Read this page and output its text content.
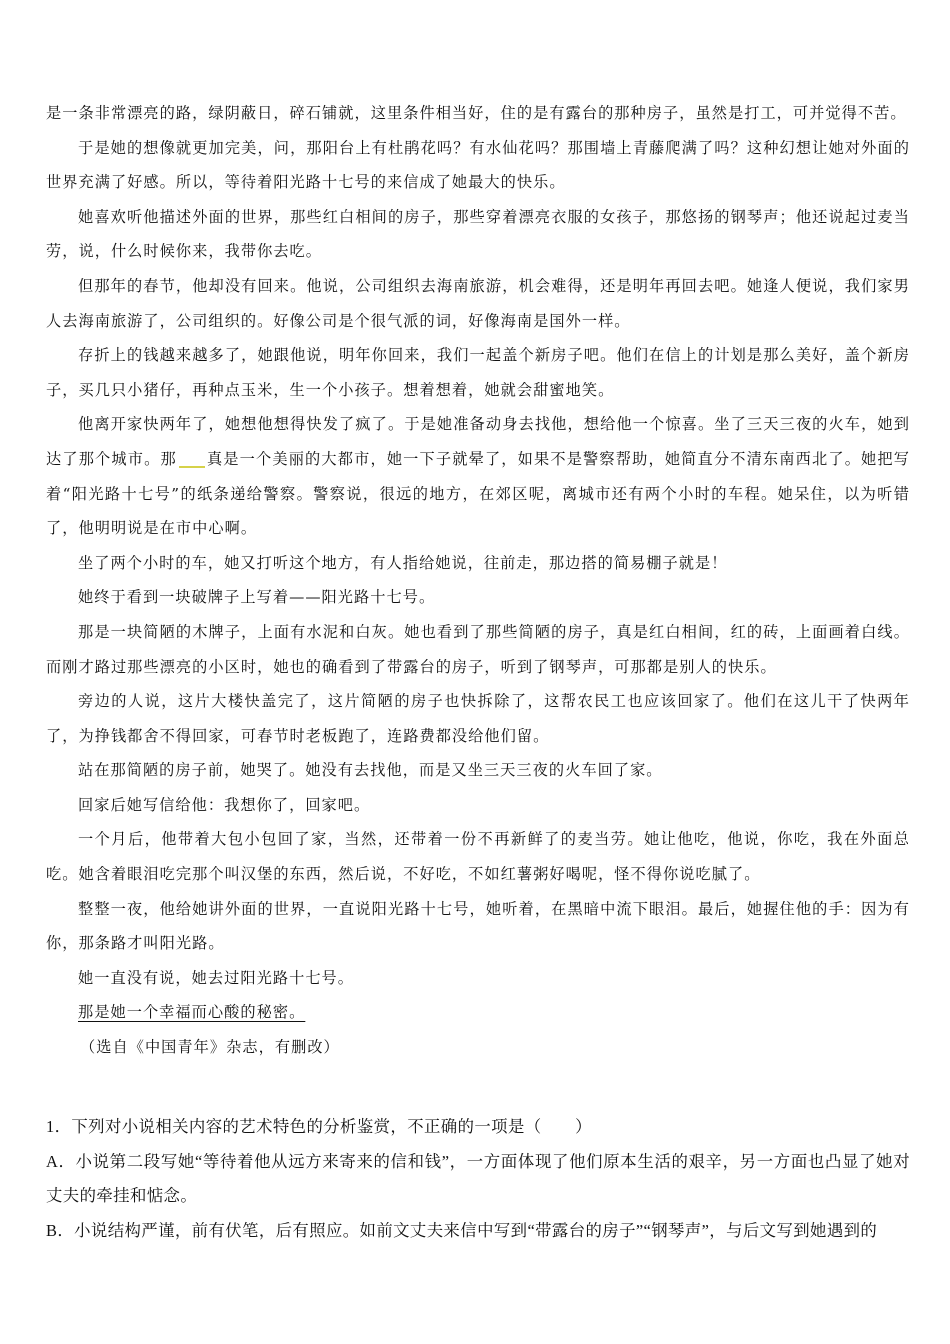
是一条非常漂亮的路，绿阴蔽日，碎石铺就，这里条件相当好，住的是有露台的那种房子，虽然是打工，可并觉得不苦。

于是她的想像就更加完美，问，那阳台上有杜鹃花吗？有水仙花吗？那围墙上青藤爬满了吗？这种幻想让她对外面的世界充满了好感。所以，等待着阳光路十七号的来信成了她最大的快乐。

她喜欢听他描述外面的世界，那些红白相间的房子，那些穿着漂亮衣服的女孩子，那悠扬的钢琴声；他还说起过麦当劳，说，什么时候你来，我带你去吃。

但那年的春节，他却没有回来。他说，公司组织去海南旅游，机会难得，还是明年再回去吧。她逢人便说，我们家男人去海南旅游了，公司组织的。好像公司是个很气派的词，好像海南是国外一样。

存折上的钱越来越多了，她跟他说，明年你回来，我们一起盖个新房子吧。他们在信上的计划是那么美好，盖个新房子，买几只小猪仔，再种点玉米，生一个小孩子。想着想着，她就会甜蜜地笑。

他离开家快两年了，她想他想得快发了疯了。于是她准备动身去找他，想给他一个惊喜。坐了三天三夜的火车，她到达了那个城市。那 真是一个美丽的大都市，她一下子就晕了，如果不是警察帮助，她简直分不清东南西北了。她把写着“阳光路十七号”的纸条递给警察。警察说，很远的地方，在郊区呢，离城市还有两个小时的车程。她呆住，以为听错了，他明明说是在市中心啊。

坐了两个小时的车，她又打听这个地方，有人指给她说，往前走，那边搭的简易棚子就是！

她终于看到一块破牌子上写着——阳光路十七号。

那是一块简陋的木牌子，上面有水泥和白灰。她也看到了那些简陋的房子，真是红白相间，红的砖，上面画着白线。而刚才路过那些漂亮的小区时，她也的确看到了带露台的房子，听到了钢琴声，可那都是别人的快乐。

旁边的人说，这片大楼快盖完了，这片简陋的房子也快拆除了，这帮农民工也应该回家了。他们在这儿干了快两年了，为挣钱都舍不得回家，可春节时老板跑了，连路费都没给他们留。

站在那简陋的房子前，她哭了。她没有去找他，而是又坐三天三夜的火车回了家。

回家后她写信给他：我想你了，回家吧。

一个月后，他带着大包小包回了家，当然，还带着一份不再新鲜了的麦当劳。她让他吃，他说，你吃，我在外面总吃。她含着眼泪吃完那个叫汉堡的东西，然后说，不好吃，不如红薯粥好喝呢，怪不得你说吃腻了。

整整一夜，他给她讲外面的世界，一直说阳光路十七号，她听着，在黑暗中流下眼泪。最后，她握住他的手：因为有你，那条路才叫阳光路。

她一直没有说，她去过阳光路十七号。

那是她一个幸福而心酸的秘密。

（选自《中国青年》杂志，有删改）

1．下列对小说相关内容的艺术特色的分析鉴赏，不正确的一项是（　　）

A．小说第二段写她“等待着他从远方来寄来的信和钱”，一方面体现了他们原本生活的艰辛，另一方面也凸显了她对丈夫的牵挂和惦念。

B．小说结构严谨，前有伏笔，后有照应。如前文丈夫来信中写到“带露台的房子”“钢琴声”，与后文写到她遇到的
